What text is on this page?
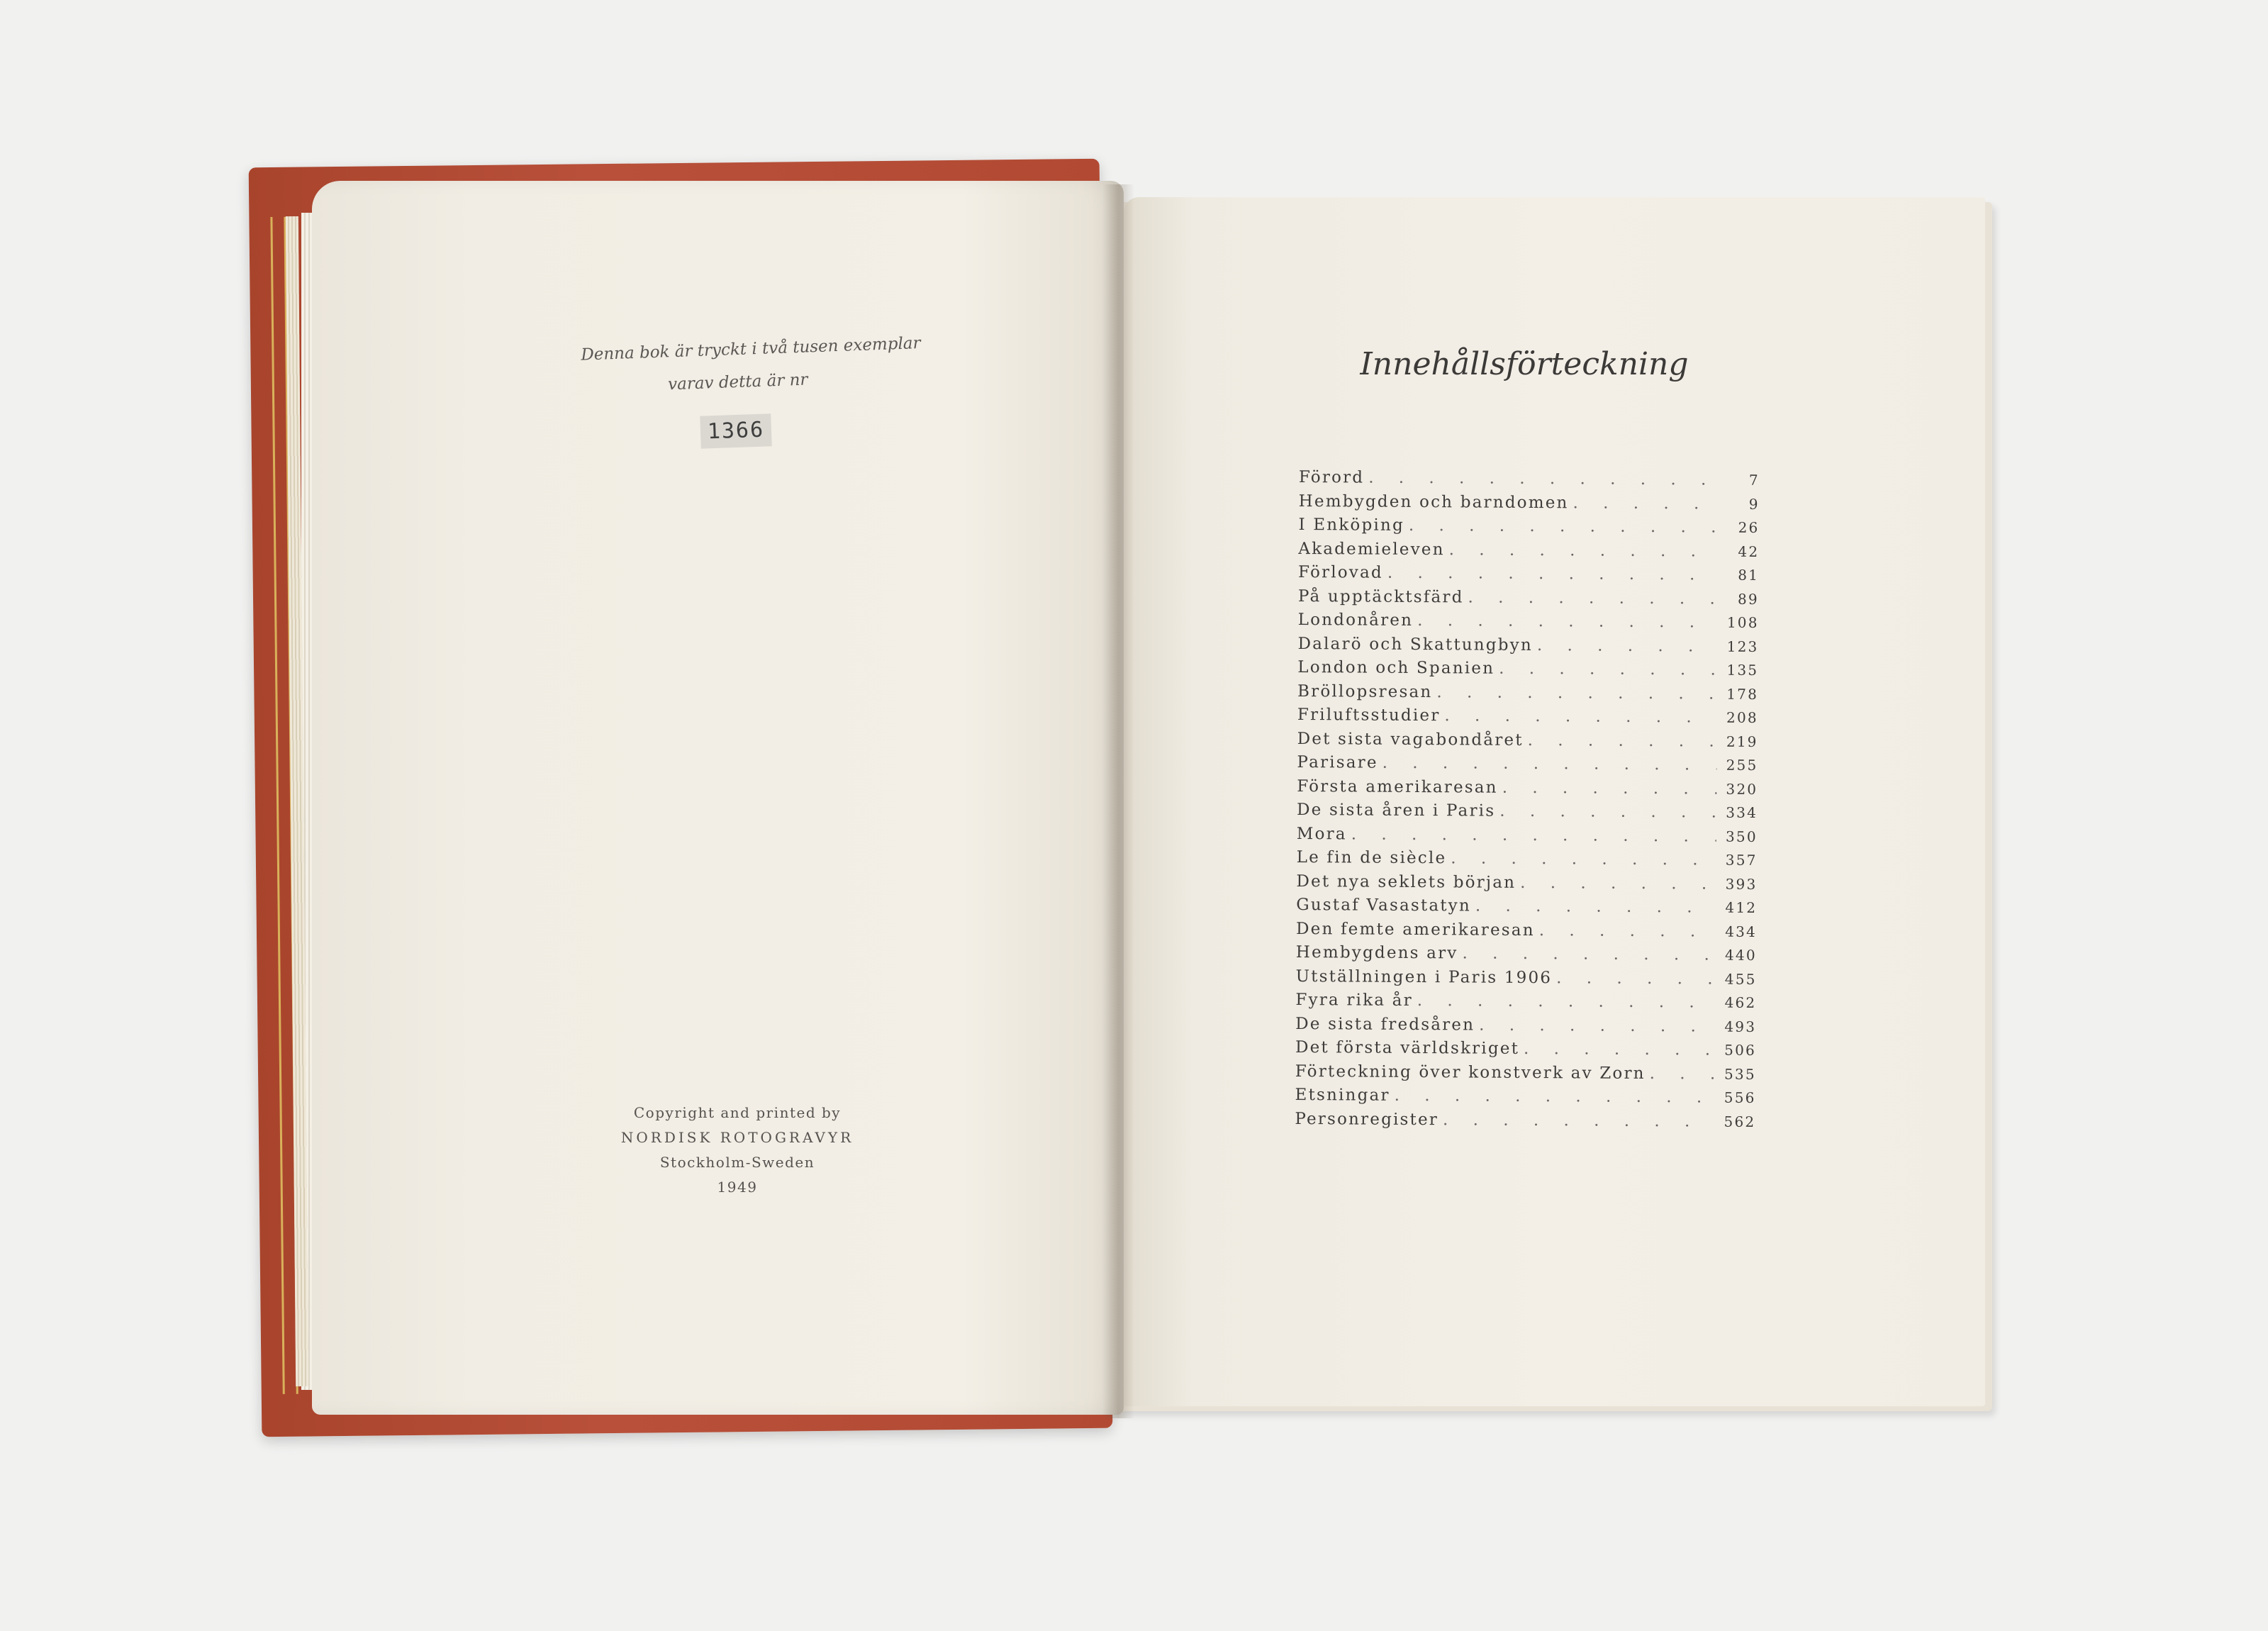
Denna bok är tryckt i två tusen exemplar
varav detta är nr
1366
Copyright and printed by
NORDISK ROTOGRAVYR
Stockholm-Sweden
1949
Innehållsförteckning
Förord . . .	7
Hembygden och barndomen . . .	9
I Enköping . . .	26
Akademieleven . . .	42
Förlovad . . .	81
På upptäcktsfärd . . .	89
Londonåren . . .	108
Dalarö och Skattungbyn . . .	123
London och Spanien . . .	135
Bröllopsresan . . .	178
Friluftsstudier . . .	208
Det sista vagabondåret . . .	219
Parisare . . .	255
Första amerikaresan . . .	320
De sista åren i Paris . . .	334
Mora . . .	350
Le fin de siècle . . .	357
Det nya seklets början . . .	393
Gustaf Vasastatyn . . .	412
Den femte amerikaresan . . .	434
Hembygdens arv . . .	440
Utställningen i Paris 1906 . . .	455
Fyra rika år . . .	462
De sista fredsåren . . .	493
Det första världskriget . . .	506
Förteckning över konstverk av Zorn . . .	535
Etsningar . . .	556
Personregister . . .	562
